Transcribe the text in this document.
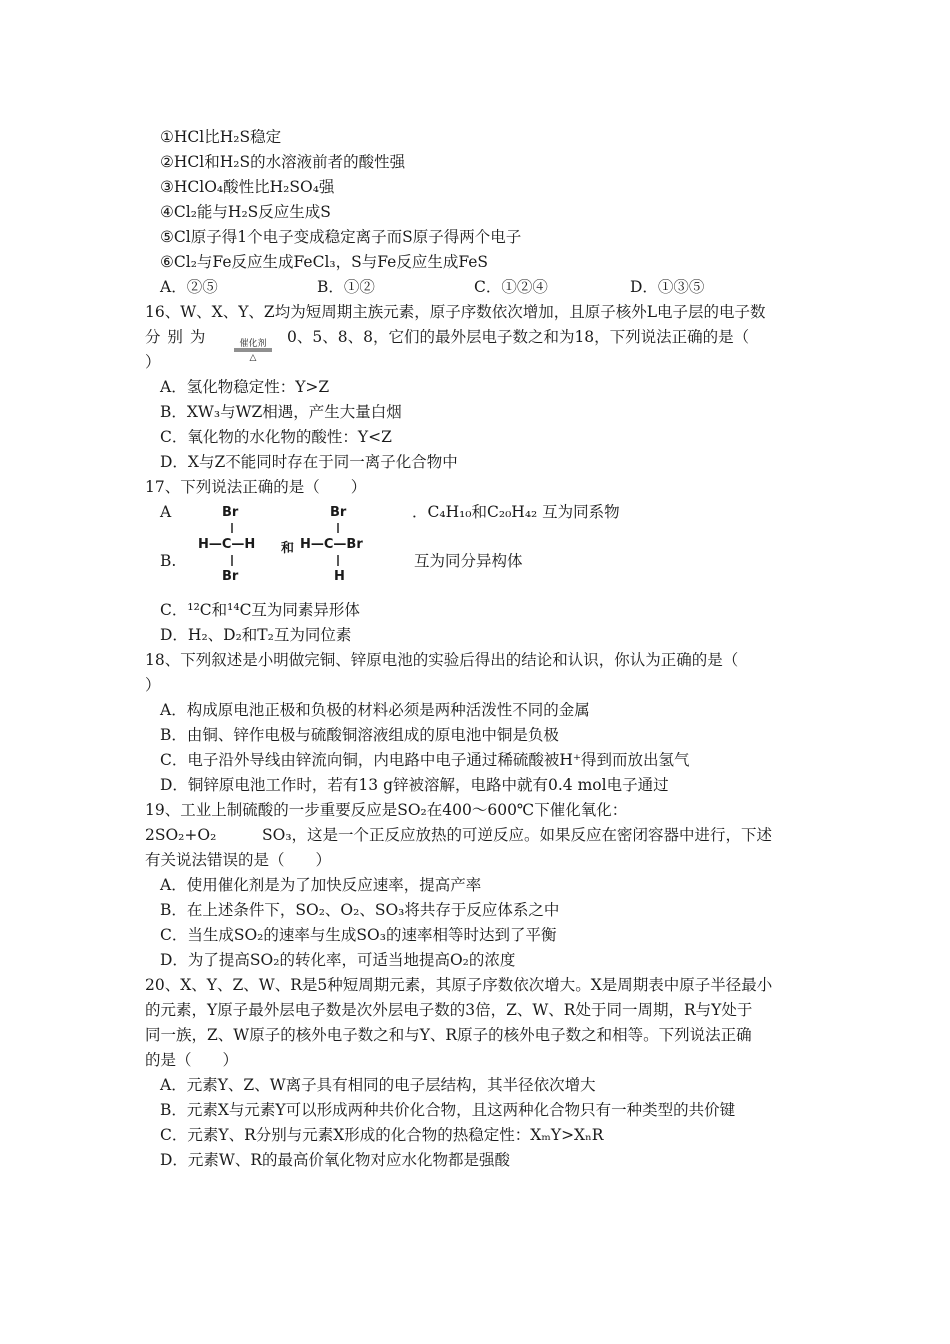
①HCl比H₂S稳定
②HCl和H₂S的水溶液前者的酸性强
③HClO₄酸性比H₂SO₄强
④Cl₂能与H₂S反应生成S
⑤Cl原子得1个电子变成稳定离子而S原子得两个电子
⑥Cl₂与Fe反应生成FeCl₃，S与Fe反应生成FeS
A．②⑤	B．①②	C．①②④	D．①③⑤
16、W、X、Y、Z均为短周期主族元素，原子序数依次增加，且原子核外L电子层的电子数
分 别 为	催化剂
△
0、5、8、8，它们的最外层电子数之和为18，下列说法正确的是（
）
A．氢化物稳定性：Y>Z
B．XW₃与WZ相遇，产生大量白烟
C．氧化物的水化物的酸性：Y<Z
D．X与Z不能同时存在于同一离子化合物中
17、下列说法正确的是（　　）
A	．C₄H₁₀和C₂₀H₄₂ 互为同系物
Br
H—C—H
Br
和
Br
H—C—Br
H
B.	互为同分异构体
C．¹²C和¹⁴C互为同素异形体
D．H₂、D₂和T₂互为同位素
18、下列叙述是小明做完铜、锌原电池的实验后得出的结论和认识，你认为正确的是（
）
A．构成原电池正极和负极的材料必须是两种活泼性不同的金属
B．由铜、锌作电极与硫酸铜溶液组成的原电池中铜是负极
C．电子沿外导线由锌流向铜，内电路中电子通过稀硫酸被H⁺得到而放出氢气
D．铜锌原电池工作时，若有13 g锌被溶解，电路中就有0.4 mol电子通过
19、工业上制硫酸的一步重要反应是SO₂在400～600℃下催化氧化：
2SO₂+O₂	SO₃，这是一个正反应放热的可逆反应。如果反应在密闭容器中进行，下述
有关说法错误的是（　　）
A．使用催化剂是为了加快反应速率，提高产率
B．在上述条件下，SO₂、O₂、SO₃将共存于反应体系之中
C．当生成SO₂的速率与生成SO₃的速率相等时达到了平衡
D．为了提高SO₂的转化率，可适当地提高O₂的浓度
20、X、Y、Z、W、R是5种短周期元素，其原子序数依次增大。X是周期表中原子半径最小
的元素，Y原子最外层电子数是次外层电子数的3倍，Z、W、R处于同一周期，R与Y处于
同一族，Z、W原子的核外电子数之和与Y、R原子的核外电子数之和相等。下列说法正确
的是（　　）
A．元素Y、Z、W离子具有相同的电子层结构，其半径依次增大
B．元素X与元素Y可以形成两种共价化合物，且这两种化合物只有一种类型的共价键
C．元素Y、R分别与元素X形成的化合物的热稳定性：XₘY>XₙR
D．元素W、R的最高价氧化物对应水化物都是强酸
